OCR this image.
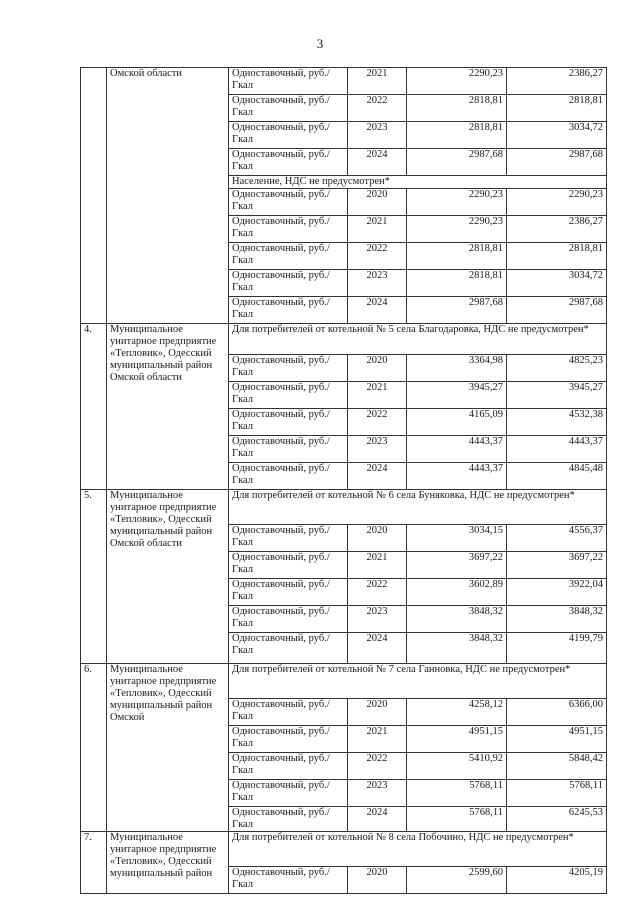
3
	Омской области	Одноставочный, руб./Гкал	2021	2290,23	2386,27
		Одноставочный, руб./Гкал	2022	2818,81	2818,81
		Одноставочный, руб./Гкал	2023	2818,81	3034,72
		Одноставочный, руб./Гкал	2024	2987,68	2987,68
		Население, НДС не предусмотрен*			
		Одноставочный, руб./Гкал	2020	2290,23	2290,23
		Одноставочный, руб./Гкал	2021	2290,23	2386,27
		Одноставочный, руб./Гкал	2022	2818,81	2818,81
		Одноставочный, руб./Гкал	2023	2818,81	3034,72
		Одноставочный, руб./Гкал	2024	2987,68	2987,68
4.	Муниципальное унитарное предприятие «Тепловик», Одесский муниципальный район Омской области	Для потребителей от котельной № 5 села Благодаровка, НДС не предусмотрен*			
		Одноставочный, руб./Гкал	2020	3364,98	4825,23
		Одноставочный, руб./Гкал	2021	3945,27	3945,27
		Одноставочный, руб./Гкал	2022	4165,09	4532,38
		Одноставочный, руб./Гкал	2023	4443,37	4443,37
		Одноставочный, руб./Гкал	2024	4443,37	4845,48
5.	Муниципальное унитарное предприятие «Тепловик», Одесский муниципальный район Омской области	Для потребителей от котельной № 6 села Буняковка, НДС не предусмотрен*			
		Одноставочный, руб./Гкал	2020	3034,15	4556,37
		Одноставочный, руб./Гкал	2021	3697,22	3697,22
		Одноставочный, руб./Гкал	2022	3602,89	3922,04
		Одноставочный, руб./Гкал	2023	3848,32	3848,32
		Одноставочный, руб./Гкал	2024	3848,32	4199,79
6.	Муниципальное унитарное предприятие «Тепловик», Одесский муниципальный район Омской	Для потребителей от котельной № 7 села Ганновка, НДС не предусмотрен*			
		Одноставочный, руб./Гкал	2020	4258,12	6366,00
		Одноставочный, руб./Гкал	2021	4951,15	4951,15
		Одноставочный, руб./Гкал	2022	5410,92	5848,42
		Одноставочный, руб./Гкал	2023	5768,11	5768,11
		Одноставочный, руб./Гкал	2024	5768,11	6245,53
7.	Муниципальное унитарное предприятие «Тепловик», Одесский муниципальный район	Для потребителей от котельной № 8 села Побочино, НДС не предусмотрен*			
		Одноставочный, руб./Гкал	2020	2599,60	4205,19
